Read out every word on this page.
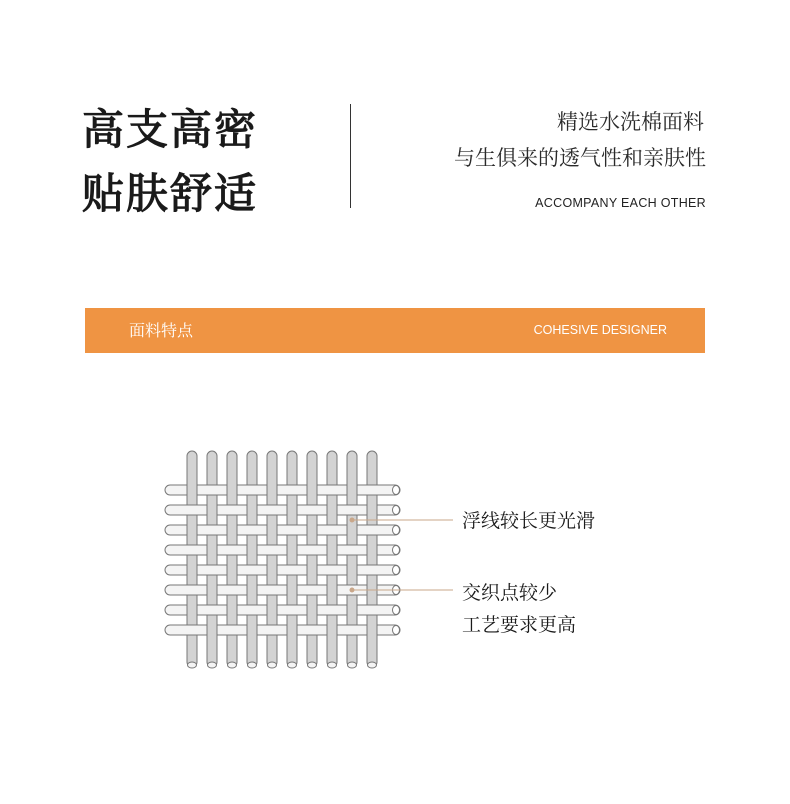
高支高密
贴肤舒适
精选水洗棉面料
与生俱来的透气性和亲肤性
ACCOMPANY EACH OTHER
面料特点	COHESIVE DESIGNER
浮线较长更光滑
交织点较少
工艺要求更高
